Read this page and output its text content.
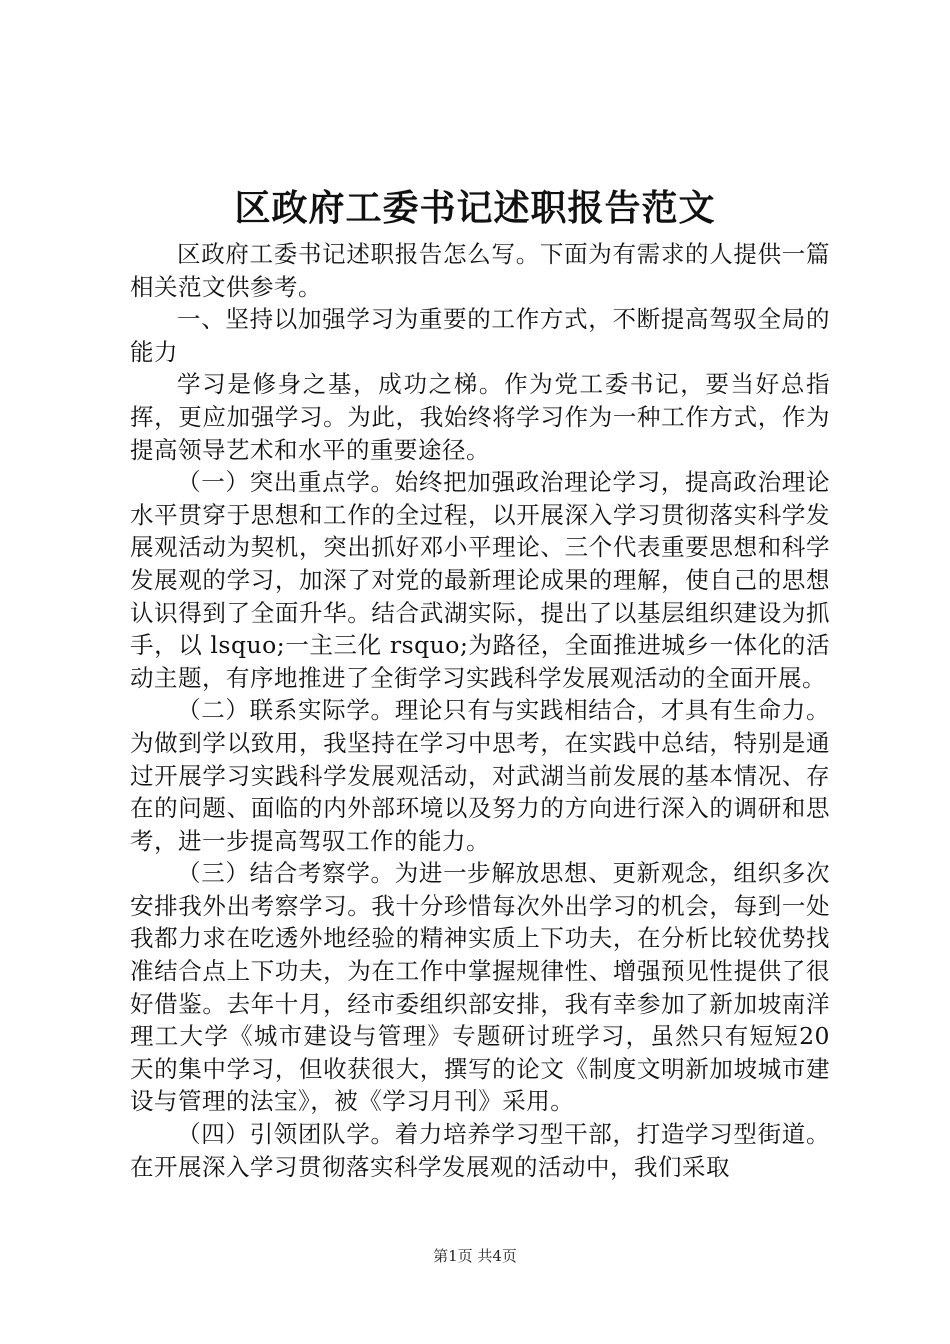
区政府工委书记述职报告范文

区政府工委书记述职报告怎么写。下面为有需求的人提供一篇相关范文供参考。

一、坚持以加强学习为重要的工作方式，不断提高驾驭全局的能力

学习是修身之基，成功之梯。作为党工委书记，要当好总指挥，更应加强学习。为此，我始终将学习作为一种工作方式，作为提高领导艺术和水平的重要途径。

（一）突出重点学。始终把加强政治理论学习，提高政治理论水平贯穿于思想和工作的全过程，以开展深入学习贯彻落实科学发展观活动为契机，突出抓好邓小平理论、三个代表重要思想和科学发展观的学习，加深了对党的最新理论成果的理解，使自己的思想认识得到了全面升华。结合武湖实际，提出了以基层组织建设为抓手，以 lsquo;一主三化 rsquo;为路径，全面推进城乡一体化的活动主题，有序地推进了全街学习实践科学发展观活动的全面开展。

（二）联系实际学。理论只有与实践相结合，才具有生命力。为做到学以致用，我坚持在学习中思考，在实践中总结，特别是通过开展学习实践科学发展观活动，对武湖当前发展的基本情况、存在的问题、面临的内外部环境以及努力的方向进行深入的调研和思考，进一步提高驾驭工作的能力。

（三）结合考察学。为进一步解放思想、更新观念，组织多次安排我外出考察学习。我十分珍惜每次外出学习的机会，每到一处我都力求在吃透外地经验的精神实质上下功夫，在分析比较优势找准结合点上下功夫，为在工作中掌握规律性、增强预见性提供了很好借鉴。去年十月，经市委组织部安排，我有幸参加了新加坡南洋理工大学《城市建设与管理》专题研讨班学习，虽然只有短短20天的集中学习，但收获很大，撰写的论文《制度文明新加坡城市建设与管理的法宝》，被《学习月刊》采用。

（四）引领团队学。着力培养学习型干部，打造学习型街道。在开展深入学习贯彻落实科学发展观的活动中，我们采取

第1页 共4页
